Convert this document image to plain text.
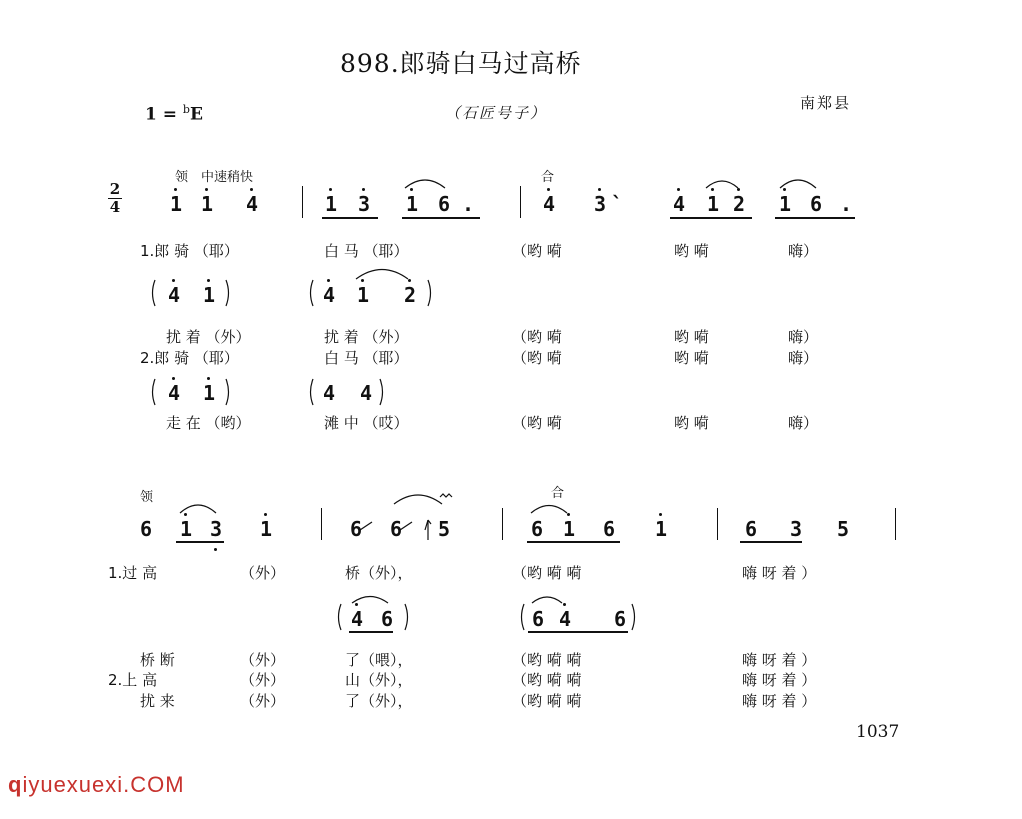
898.郎骑白马过高桥
1 = $^b$E	（石匠号子）
南郑县
领 中速稍快	合
领	合
2
4 1 1 4	1 3 1 6 .	4 3 ` 4 1 2 1 6 .
1.郎 骑 （耶）	白 马 （耶）	（哟 嗬	哟 嗬	嗨）
4 1	4 1 2
扰 着 （外）	扰 着 （外）	（哟 嗬	哟 嗬	嗨）
2.郎 骑 （耶）	白 马 （耶）	（哟 嗬	哟 嗬	嗨）
4 1	4 4
走 在 （哟）	滩 中 （哎）	（哟 嗬	哟 嗬	嗨）
6 1 3 1	6 6 5	6 1 6 1	6 3 5
1.过 高	（外）	桥（外），	（哟 嗬 嗬	嗨 呀 着 ）
4 6	6 4 6
桥 断	（外）	了（喂），	（哟 嗬 嗬	嗨 呀 着 ）
2.上 高	（外）	山（外），	（哟 嗬 嗬	嗨 呀 着 ）
扰 来	（外）	了（外），	（哟 嗬 嗬	嗨 呀 着 ）
1037
qiyuexuexi.COM
